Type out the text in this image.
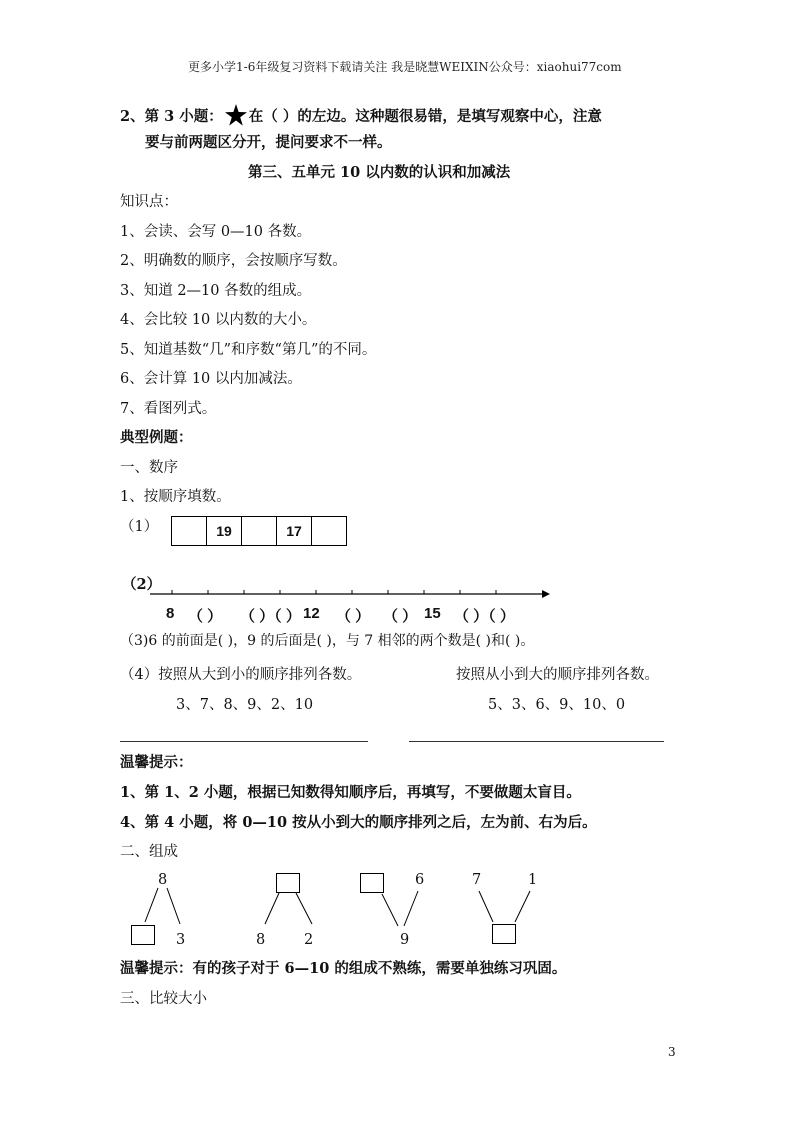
更多小学1-6年级复习资料下载请关注 我是晓慧WEIXIN公众号：xiaohui77com
2、第 3 小题： 在（ ）的左边。这种题很易错，是填写观察中心，注意
要与前两题区分开，提问要求不一样。
第三、五单元 10 以内数的认识和加减法
知识点：
1、会读、会写 0—10 各数。
2、明确数的顺序，会按顺序写数。
3、知道 2—10 各数的组成。
4、会比较 10 以内数的大小。
5、知道基数“几”和序数“第几”的不同。
6、会计算 10 以内加减法。
7、看图列式。
典型例题：
一、数序
1、按顺序填数。
（1）
		19		17	
（2）
8 （ ） （ ）（ ） 12 （ ） （ ） 15 （ ）（ ）
（3)6 的前面是( )，9 的后面是( )，与 7 相邻的两个数是( )和( )。
（4）按照从大到小的顺序排列各数。	按照从小到大的顺序排列各数。
3、7、8、9、2、10	5、3、6、9、10、0
温馨提示：
1、第 1、2 小题，根据已知数得知顺序后，再填写，不要做题太盲目。
4、第 4 小题，将 0—10 按从小到大的顺序排列之后，左为前、右为后。
二、组成
8
3	8	2
6
9
7	1
温馨提示：有的孩子对于 6—10 的组成不熟练，需要单独练习巩固。
三、比较大小
3
